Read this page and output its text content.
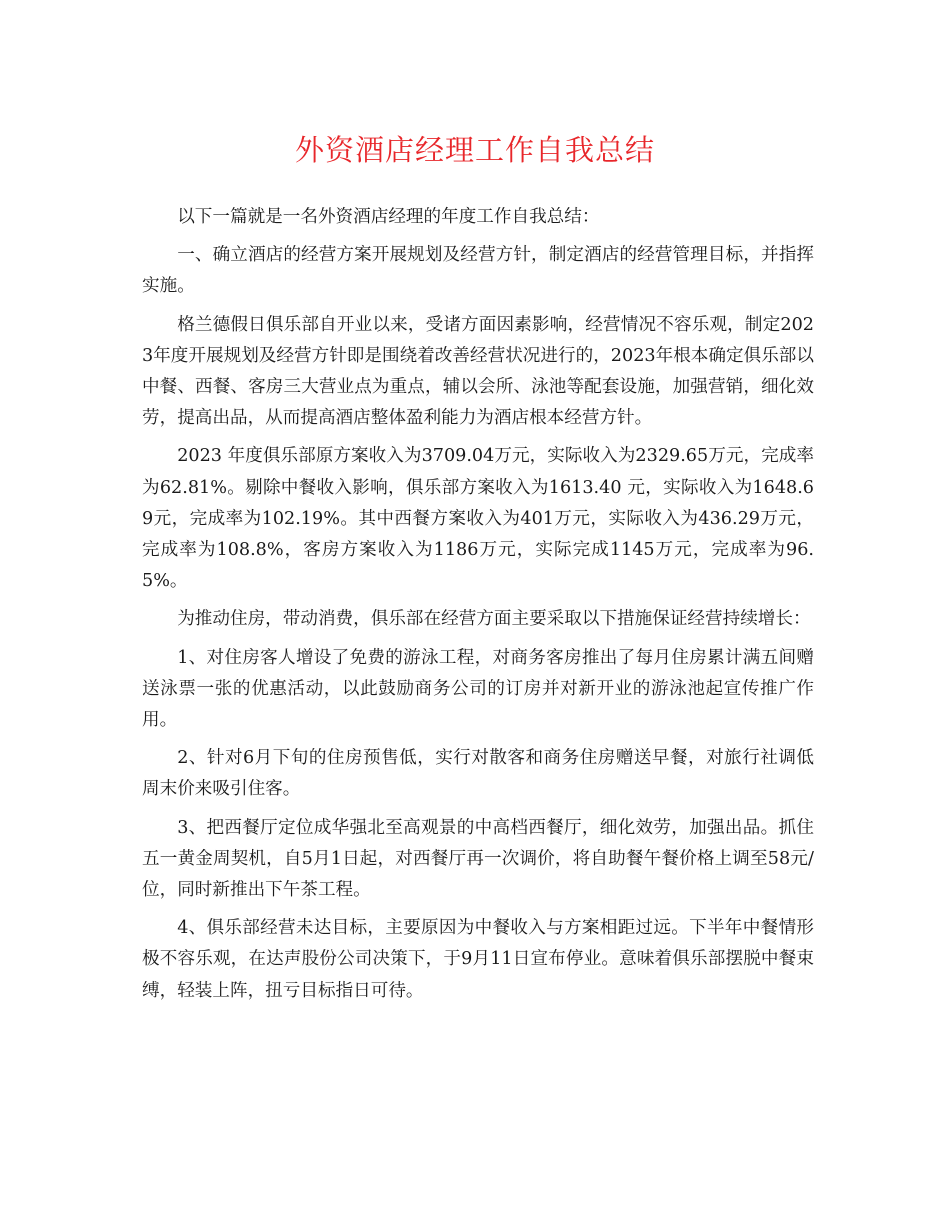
外资酒店经理工作自我总结

以下一篇就是一名外资酒店经理的年度工作自我总结：

一、确立酒店的经营方案开展规划及经营方针，制定酒店的经营管理目标，并指挥实施。

格兰德假日俱乐部自开业以来，受诸方面因素影响，经营情况不容乐观，制定2023年度开展规划及经营方针即是围绕着改善经营状况进行的，2023年根本确定俱乐部以中餐、西餐、客房三大营业点为重点，辅以会所、泳池等配套设施，加强营销，细化效劳，提高出品，从而提高酒店整体盈利能力为酒店根本经营方针。

2023 年度俱乐部原方案收入为3709.04万元，实际收入为2329.65万元，完成率为62.81%。剔除中餐收入影响，俱乐部方案收入为1613.40 元，实际收入为1648.69元，完成率为102.19%。其中西餐方案收入为401万元，实际收入为436.29万元，完成率为108.8%，客房方案收入为1186万元，实际完成1145万元，完成率为96.5%。

为推动住房，带动消费，俱乐部在经营方面主要采取以下措施保证经营持续增长：

1、对住房客人增设了免费的游泳工程，对商务客房推出了每月住房累计满五间赠送泳票一张的优惠活动，以此鼓励商务公司的订房并对新开业的游泳池起宣传推广作用。

2、针对6月下旬的住房预售低，实行对散客和商务住房赠送早餐，对旅行社调低周末价来吸引住客。

3、把西餐厅定位成华强北至高观景的中高档西餐厅，细化效劳，加强出品。抓住五一黄金周契机，自5月1日起，对西餐厅再一次调价，将自助餐午餐价格上调至58元/位，同时新推出下午茶工程。

4、俱乐部经营未达目标，主要原因为中餐收入与方案相距过远。下半年中餐情形极不容乐观，在达声股份公司决策下，于9月11日宣布停业。意味着俱乐部摆脱中餐束缚，轻装上阵，扭亏目标指日可待。
